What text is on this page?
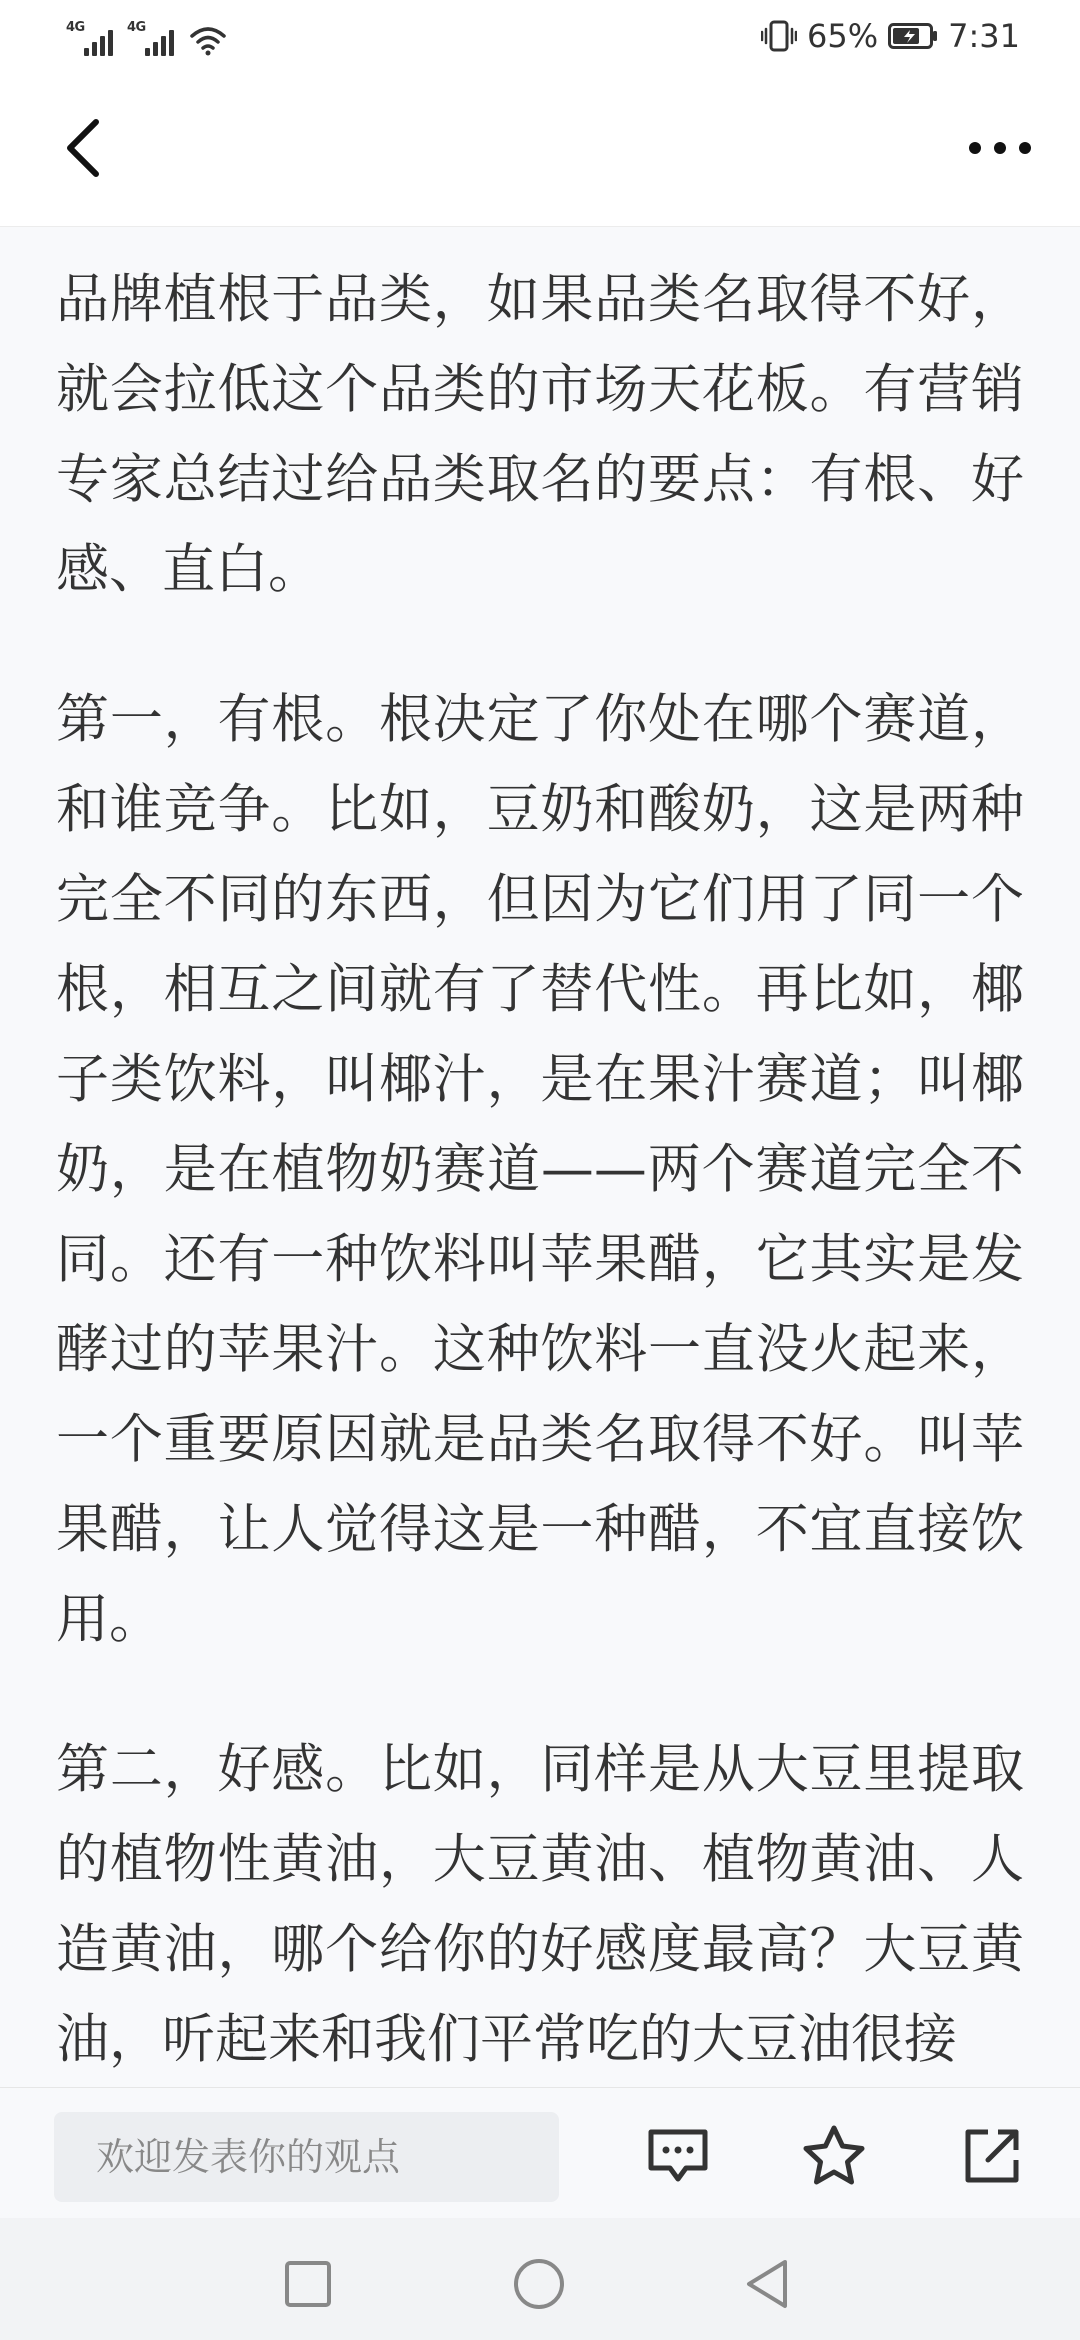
4G	4G	65% 7:31

品牌植根于品类，如果品类名取得不好，就会拉低这个品类的市场天花板。有营销专家总结过给品类取名的要点：有根、好感、直白。

第一，有根。根决定了你处在哪个赛道，和谁竞争。比如，豆奶和酸奶，这是两种完全不同的东西，但因为它们用了同一个根，相互之间就有了替代性。再比如，椰子类饮料，叫椰汁，是在果汁赛道；叫椰奶，是在植物奶赛道——两个赛道完全不同。还有一种饮料叫苹果醋，它其实是发酵过的苹果汁。这种饮料一直没火起来，一个重要原因就是品类名取得不好。叫苹果醋，让人觉得这是一种醋，不宜直接饮用。

第二，好感。比如，同样是从大豆里提取的植物性黄油，大豆黄油、植物黄油、人造黄油，哪个给你的好感度最高？大豆黄油，听起来和我们平常吃的大豆油很接

欢迎发表你的观点
